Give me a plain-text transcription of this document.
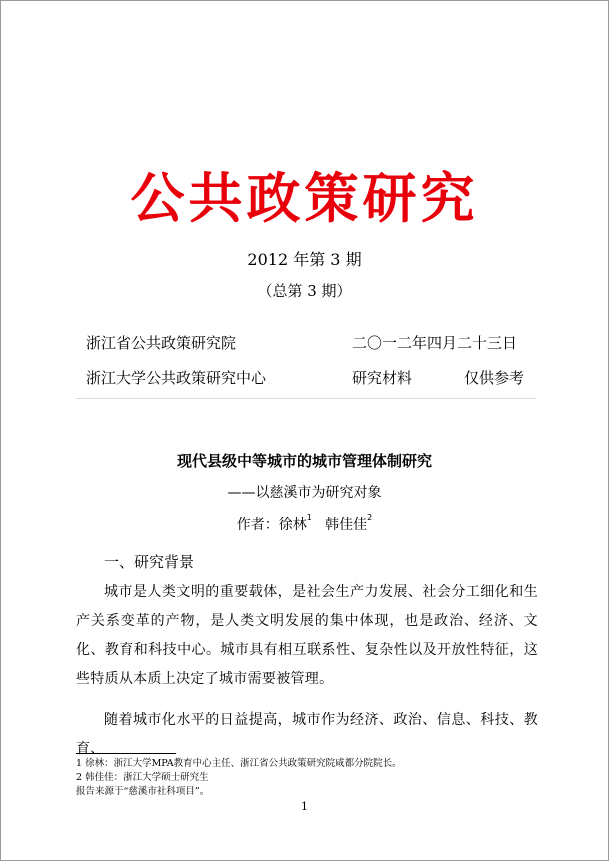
公共政策研究
2012 年第 3 期
（总第 3 期）
浙江省公共政策研究院	二〇一二年四月二十三日
浙江大学公共政策研究中心	研究材料	仅供参考
现代县级中等城市的城市管理体制研究
——以慈溪市为研究对象
作者：徐林$^1$ 韩佳佳$^2$
一、研究背景
城市是人类文明的重要载体，是社会生产力发展、社会分工细化和生产关系变革的产物，是人类文明发展的集中体现，也是政治、经济、文化、教育和科技中心。城市具有相互联系性、复杂性以及开放性特征，这些特质从本质上决定了城市需要被管理。
随着城市化水平的日益提高，城市作为经济、政治、信息、科技、教育、
1 徐林：浙江大学MPA教育中心主任、浙江省公共政策研究院咸都分院院长。
2 韩佳佳：浙江大学硕士研究生
报告来源于“慈溪市社科项目”。
1
